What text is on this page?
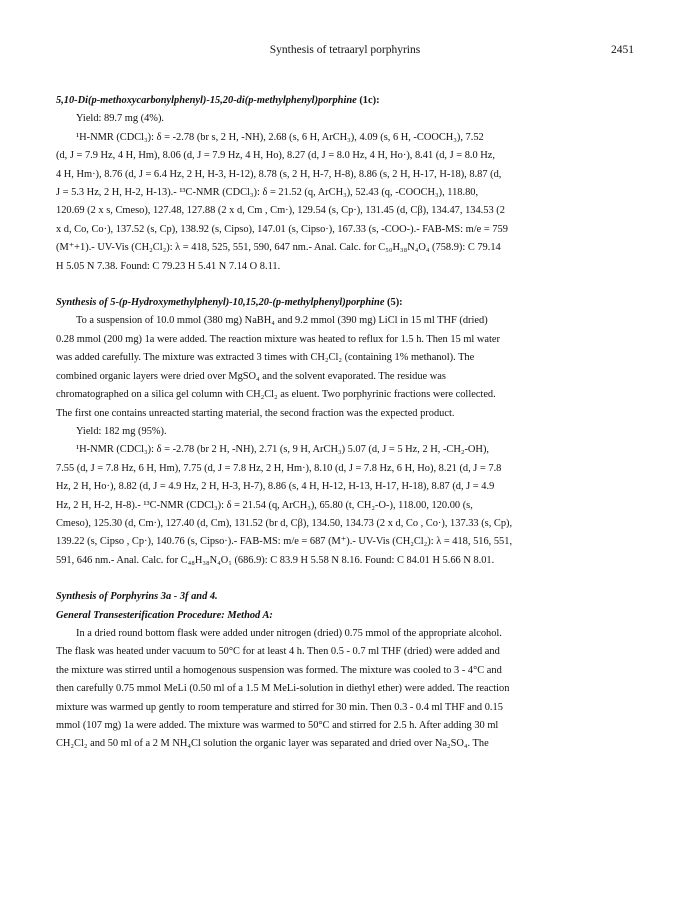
Synthesis of tetraaryl porphyrins	2451

5,10-Di(p-methoxycarbonylphenyl)-15,20-di(p-methylphenyl)porphine (1c):

Yield: 89.7 mg (4%).

¹H-NMR (CDCl₃): δ = -2.78 (br s, 2 H, -NH), 2.68 (s, 6 H, ArCH₃), 4.09 (s, 6 H, -COOCH₃), 7.52

(d, J = 7.9 Hz, 4 H, Hm), 8.06 (d, J = 7.9 Hz, 4 H, Ho), 8.27 (d, J = 8.0 Hz, 4 H, Ho·), 8.41 (d, J = 8.0 Hz,

4 H, Hm·), 8.76 (d, J = 6.4 Hz, 2 H, H-3, H-12), 8.78 (s, 2 H, H-7, H-8), 8.86 (s, 2 H, H-17, H-18), 8.87 (d,

J = 5.3 Hz, 2 H, H-2, H-13).- ¹³C-NMR (CDCl₃): δ = 21.52 (q, ArCH₃), 52.43 (q, -COOCH₃), 118.80,

120.69 (2 x s, Cmeso), 127.48, 127.88 (2 x d, Cm , Cm·), 129.54 (s, Cp·), 131.45 (d, Cβ), 134.47, 134.53 (2

x d, Co, Co·), 137.52 (s, Cp), 138.92 (s, Cipso), 147.01 (s, Cipso·), 167.33 (s, -COO-).- FAB-MS: m/e = 759

(M⁺+1).- UV-Vis (CH₂Cl₂): λ = 418, 525, 551, 590, 647 nm.- Anal. Calc. for C₅₀H₃₈N₄O₄ (758.9): C 79.14

H 5.05 N 7.38. Found: C 79.23 H 5.41 N 7.14 O 8.11.

Synthesis of 5-(p-Hydroxymethylphenyl)-10,15,20-(p-methylphenyl)porphine (5):

To a suspension of 10.0 mmol (380 mg) NaBH₄ and 9.2 mmol (390 mg) LiCl in 15 ml THF (dried)

0.28 mmol (200 mg) 1a were added. The reaction mixture was heated to reflux for 1.5 h. Then 15 ml water

was added carefully. The mixture was extracted 3 times with CH₂Cl₂ (containing 1% methanol). The

combined organic layers were dried over MgSO₄ and the solvent evaporated. The residue was

chromatographed on a silica gel column with CH₂Cl₂ as eluent. Two porphyrinic fractions were collected.

The first one contains unreacted starting material, the second fraction was the expected product.

Yield: 182 mg (95%).

¹H-NMR (CDCl₃): δ = -2.78 (br 2 H, -NH), 2.71 (s, 9 H, ArCH₃) 5.07 (d, J = 5 Hz, 2 H, -CH₂-OH),

7.55 (d, J = 7.8 Hz, 6 H, Hm), 7.75 (d, J = 7.8 Hz, 2 H, Hm·), 8.10 (d, J = 7.8 Hz, 6 H, Ho), 8.21 (d, J = 7.8

Hz, 2 H, Ho·), 8.82 (d, J = 4.9 Hz, 2 H, H-3, H-7), 8.86 (s, 4 H, H-12, H-13, H-17, H-18), 8.87 (d, J = 4.9

Hz, 2 H, H-2, H-8).- ¹³C-NMR (CDCl₃): δ = 21.54 (q, ArCH₃), 65.80 (t, CH₂-O-), 118.00, 120.00 (s,

Cmeso), 125.30 (d, Cm·), 127.40 (d, Cm), 131.52 (br d, Cβ), 134.50, 134.73 (2 x d, Co , Co·), 137.33 (s, Cp),

139.22 (s, Cipso , Cp·), 140.76 (s, Cipso·).- FAB-MS: m/e = 687 (M⁺).- UV-Vis (CH₂Cl₂): λ = 418, 516, 551,

591, 646 nm.- Anal. Calc. for C₄₈H₃₈N₄O₁ (686.9): C 83.9 H 5.58 N 8.16. Found: C 84.01 H 5.66 N 8.01.

Synthesis of Porphyrins 3a - 3f and 4.

General Transesterification Procedure: Method A:

In a dried round bottom flask were added under nitrogen (dried) 0.75 mmol of the appropriate alcohol.

The flask was heated under vacuum to 50°C for at least 4 h. Then 0.5 - 0.7 ml THF (dried) were added and

the mixture was stirred until a homogenous suspension was formed. The mixture was cooled to 3 - 4°C and

then carefully 0.75 mmol MeLi (0.50 ml of a 1.5 M MeLi-solution in diethyl ether) were added. The reaction

mixture was warmed up gently to room temperature and stirred for 30 min. Then 0.3 - 0.4 ml THF and 0.15

mmol (107 mg) 1a were added. The mixture was warmed to 50°C and stirred for 2.5 h. After adding 30 ml

CH₂Cl₂ and 50 ml of a 2 M NH₄Cl solution the organic layer was separated and dried over Na₂SO₄. The
